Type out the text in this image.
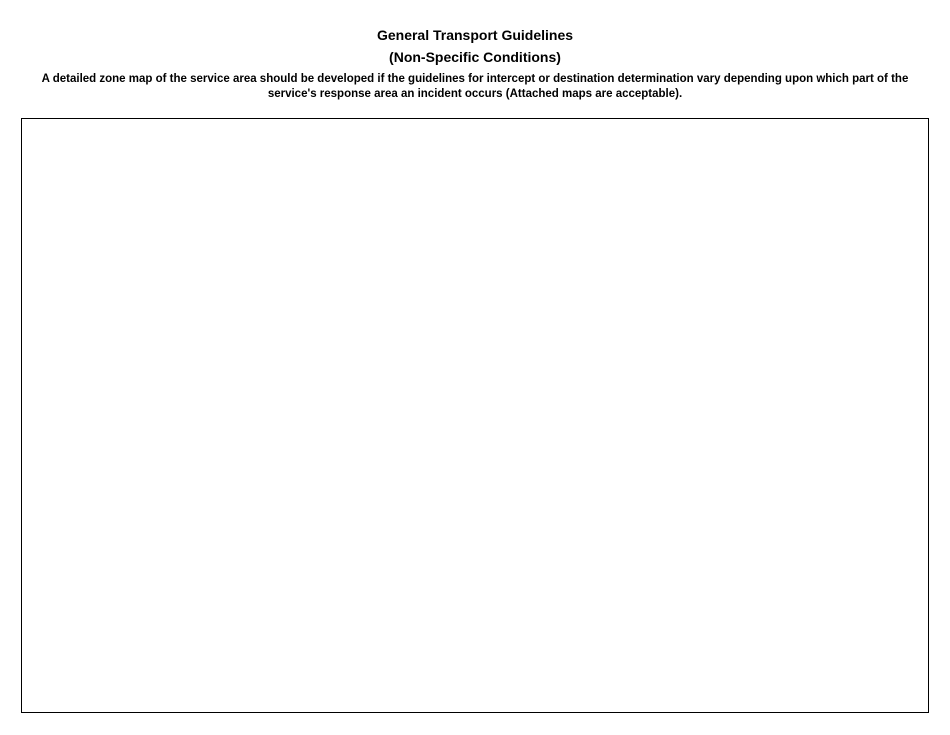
General Transport Guidelines
(Non-Specific Conditions)
A detailed zone map of the service area should be developed if the guidelines for intercept or destination determination vary depending upon which part of the service's response area an incident occurs (Attached maps are acceptable).
